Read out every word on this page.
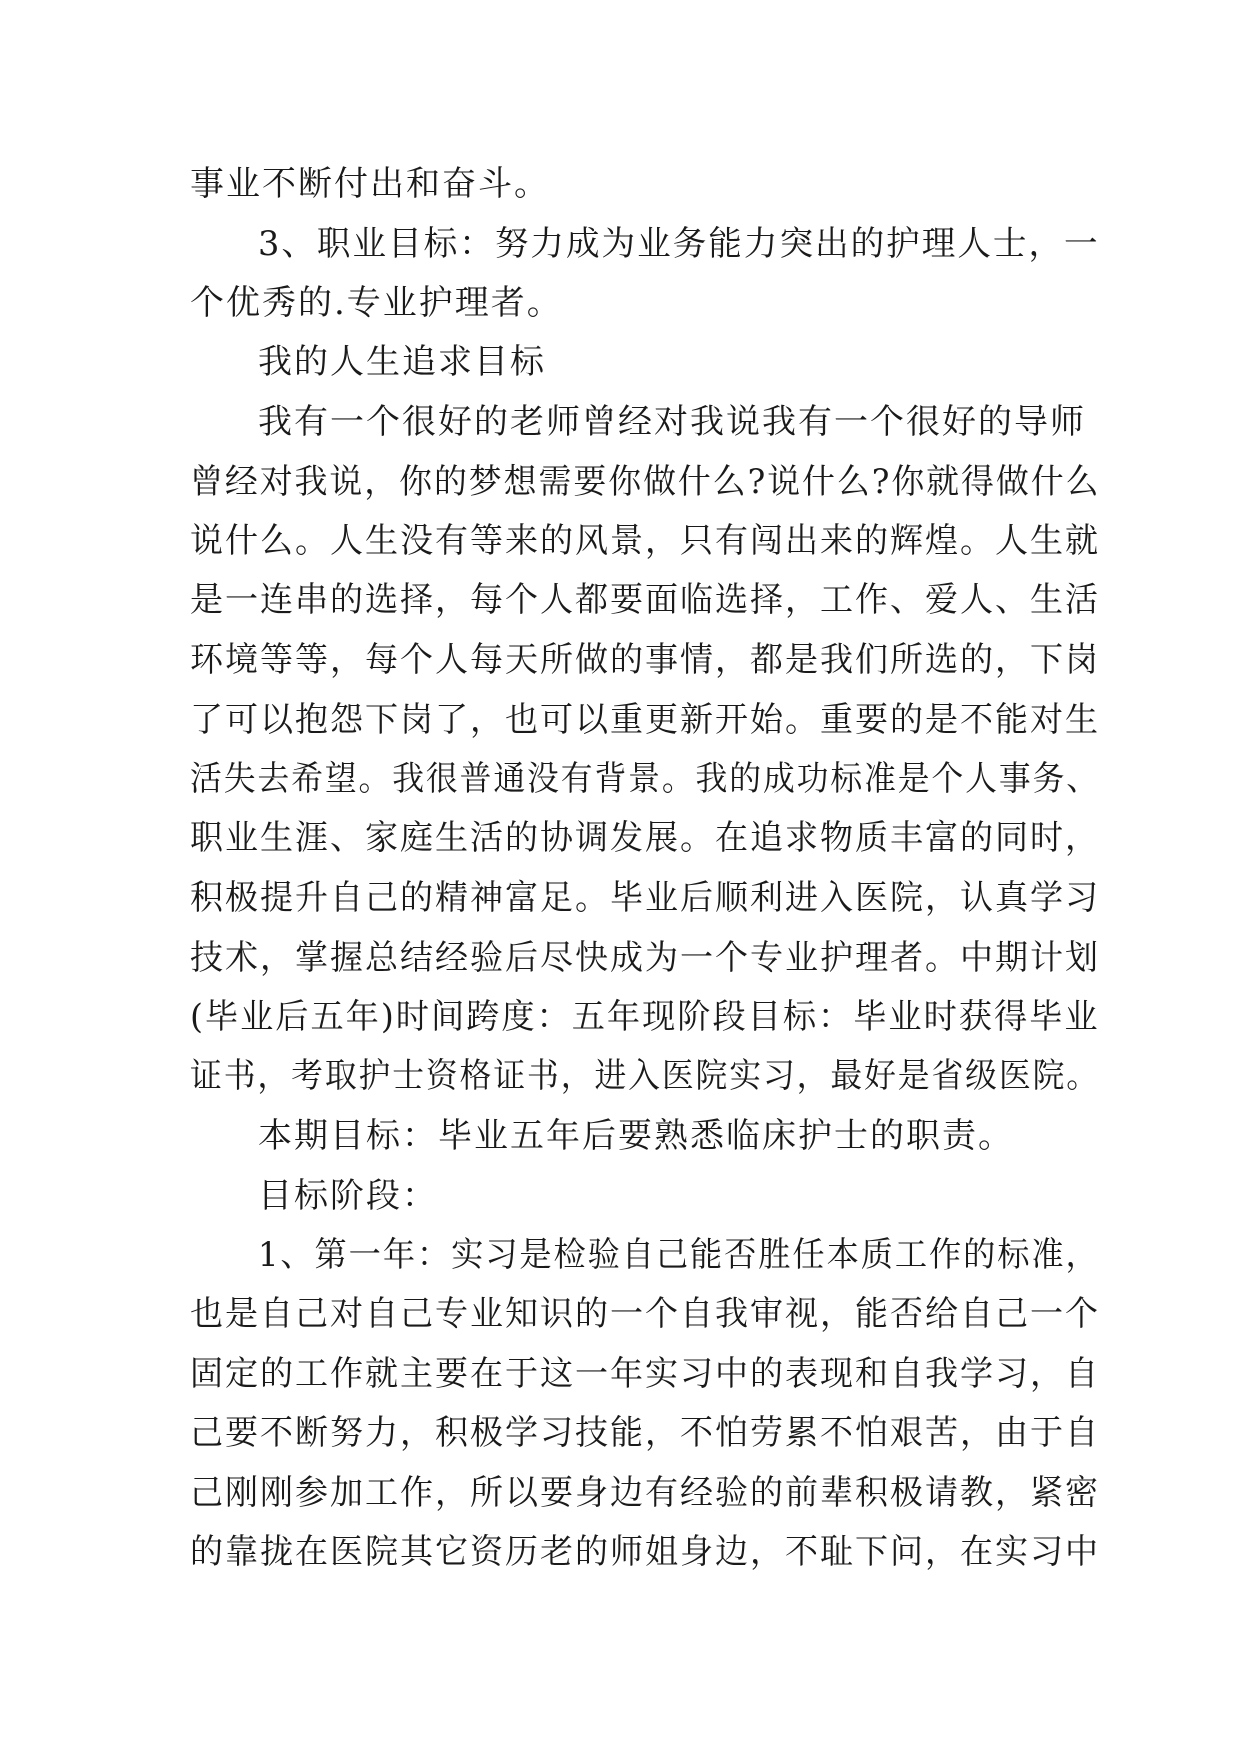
事业不断付出和奋斗。
3、职业目标：努力成为业务能力突出的护理人士，一
个优秀的.专业护理者。
我的人生追求目标
我有一个很好的老师曾经对我说我有一个很好的导师
曾经对我说，你的梦想需要你做什么?说什么?你就得做什么
说什么。人生没有等来的风景，只有闯出来的辉煌。人生就
是一连串的选择，每个人都要面临选择，工作、爱人、生活
环境等等，每个人每天所做的事情，都是我们所选的，下岗
了可以抱怨下岗了，也可以重更新开始。重要的是不能对生
活失去希望。我很普通没有背景。我的成功标准是个人事务、
职业生涯、家庭生活的协调发展。在追求物质丰富的同时，
积极提升自己的精神富足。毕业后顺利进入医院，认真学习
技术，掌握总结经验后尽快成为一个专业护理者。中期计划
(毕业后五年)时间跨度：五年现阶段目标：毕业时获得毕业
证书，考取护士资格证书，进入医院实习，最好是省级医院。
本期目标：毕业五年后要熟悉临床护士的职责。
目标阶段：
1、第一年：实习是检验自己能否胜任本质工作的标准，
也是自己对自己专业知识的一个自我审视，能否给自己一个
固定的工作就主要在于这一年实习中的表现和自我学习，自
己要不断努力，积极学习技能，不怕劳累不怕艰苦，由于自
己刚刚参加工作，所以要身边有经验的前辈积极请教，紧密
的靠拢在医院其它资历老的师姐身边，不耻下问，在实习中
